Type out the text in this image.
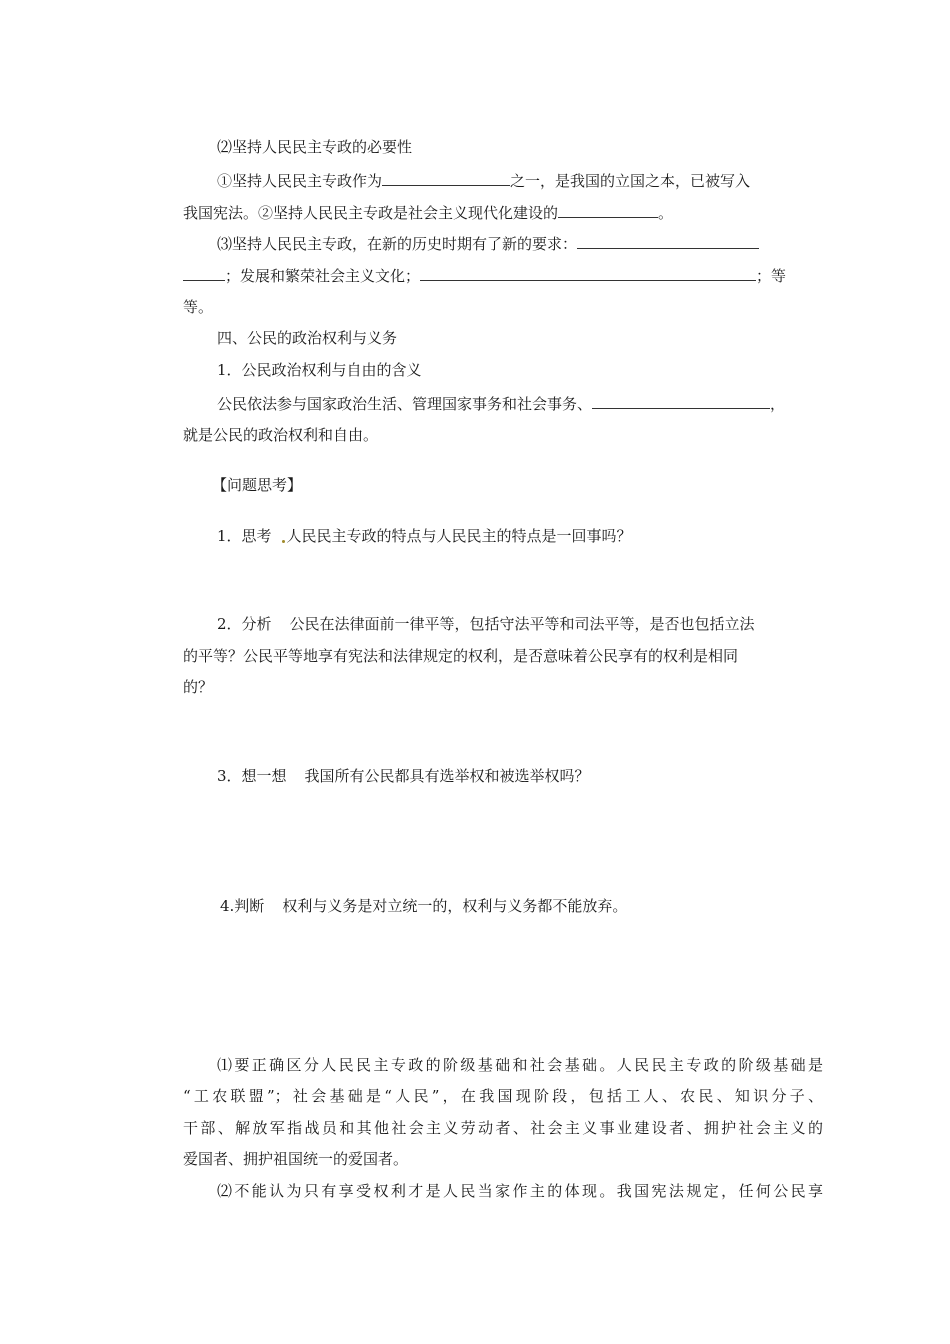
⑵坚持人民民主专政的必要性
①坚持人民民主专政作为	之一，是我国的立国之本，已被写入
我国宪法。②坚持人民民主专政是社会主义现代化建设的	。
⑶坚持人民民主专政，在新的历史时期有了新的要求：
；发展和繁荣社会主义文化；	；等
等。
四、公民的政治权利与义务
1．公民政治权利与自由的含义
公民依法参与国家政治生活、管理国家事务和社会事务、	，
就是公民的政治权利和自由。
【问题思考】
1．思考 人民民主专政的特点与人民民主的特点是一回事吗？
2．分析 公民在法律面前一律平等，包括守法平等和司法平等，是否也包括立法
的平等？公民平等地享有宪法和法律规定的权利，是否意味着公民享有的权利是相同
的？
3．想一想 我国所有公民都具有选举权和被选举权吗？
4.判断 权利与义务是对立统一的，权利与义务都不能放弃。
⑴要正确区分人民民主专政的阶级基础和社会基础。人民民主专政的阶级基础是
“工农联盟”；社会基础是“人民”，在我国现阶段，包括工人、农民、知识分子、
干部、解放军指战员和其他社会主义劳动者、社会主义事业建设者、拥护社会主义的
爱国者、拥护祖国统一的爱国者。
⑵不能认为只有享受权利才是人民当家作主的体现。我国宪法规定，任何公民享
